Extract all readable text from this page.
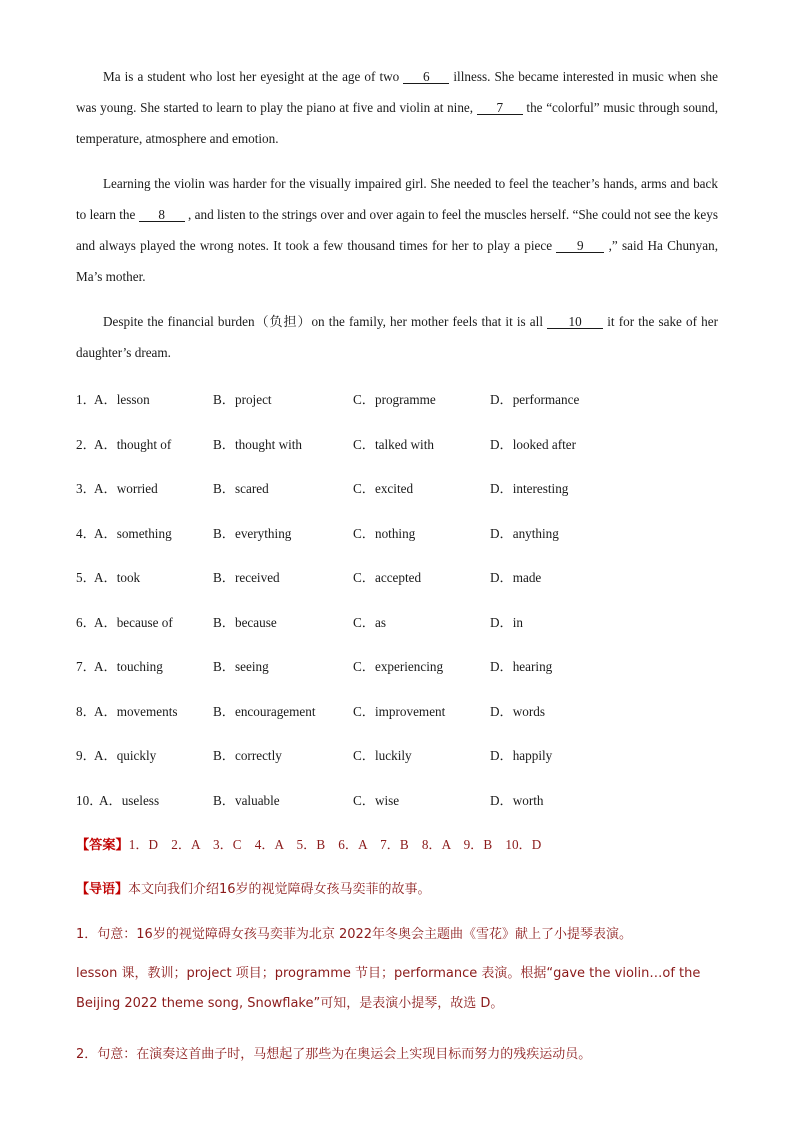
Ma is a student who lost her eyesight at the age of two 6 illness. She became interested in music when she was young. She started to learn to play the piano at five and violin at nine, 7 the “colorful” music through sound, temperature, atmosphere and emotion.
Learning the violin was harder for the visually impaired girl. She needed to feel the teacher’s hands, arms and back to learn the 8 , and listen to the strings over and over again to feel the muscles herself. “She could not see the keys and always played the wrong notes. It took a few thousand times for her to play a piece 9 ,” said Ha Chunyan, Ma’s mother.
Despite the financial burden（负担）on the family, her mother feels that it is all 10 it for the sake of her daughter’s dream.
1．
A．lesson	B．project	C．programme	D．performance
2．
A．thought of	B．thought with	C．talked with	D．looked after
3．
A．worried	B．scared	C．excited	D．interesting
4．
A．something	B．everything	C．nothing	D．anything
5．
A．took	B．received	C．accepted	D．made
6．
A．because of	B．because	C．as	D．in
7．
A．touching	B．seeing	C．experiencing	D．hearing
8．
A．movements	B．encouragement	C．improvement	D．words
9．
A．quickly	B．correctly	C．luckily	D．happily
10．
A．useless	B．valuable	C．wise	D．worth
【答案】1．D　2．A　3．C　4．A　5．B　6．A　7．B　8．A　9．B　10．D
【导语】本文向我们介绍16岁的视觉障碍女孩马奕菲的故事。
1．句意：16岁的视觉障碍女孩马奕菲为北京 2022年冬奥会主题曲《雪花》献上了小提琴表演。
lesson 课，教训；project 项目；programme 节目；performance 表演。根据“gave the violin…of the Beijing 2022 theme song, Snowflake”可知，是表演小提琴，故选 D。
2．句意：在演奏这首曲子时，马想起了那些为在奥运会上实现目标而努力的残疾运动员。
